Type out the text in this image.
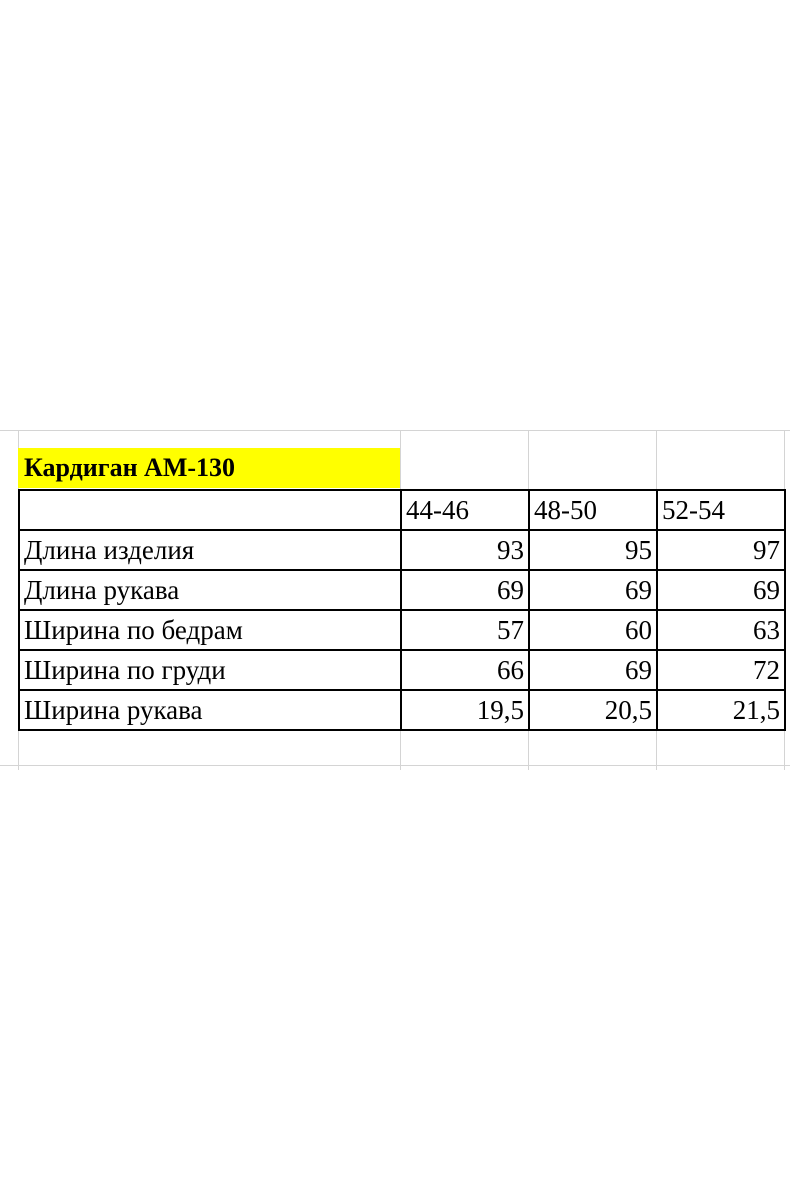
Кардиган АМ-130
	44-46	48-50	52-54
Длина изделия	93	95	97
Длина рукава	69	69	69
Ширина по бедрам	57	60	63
Ширина по груди	66	69	72
Ширина рукава	19,5	20,5	21,5
